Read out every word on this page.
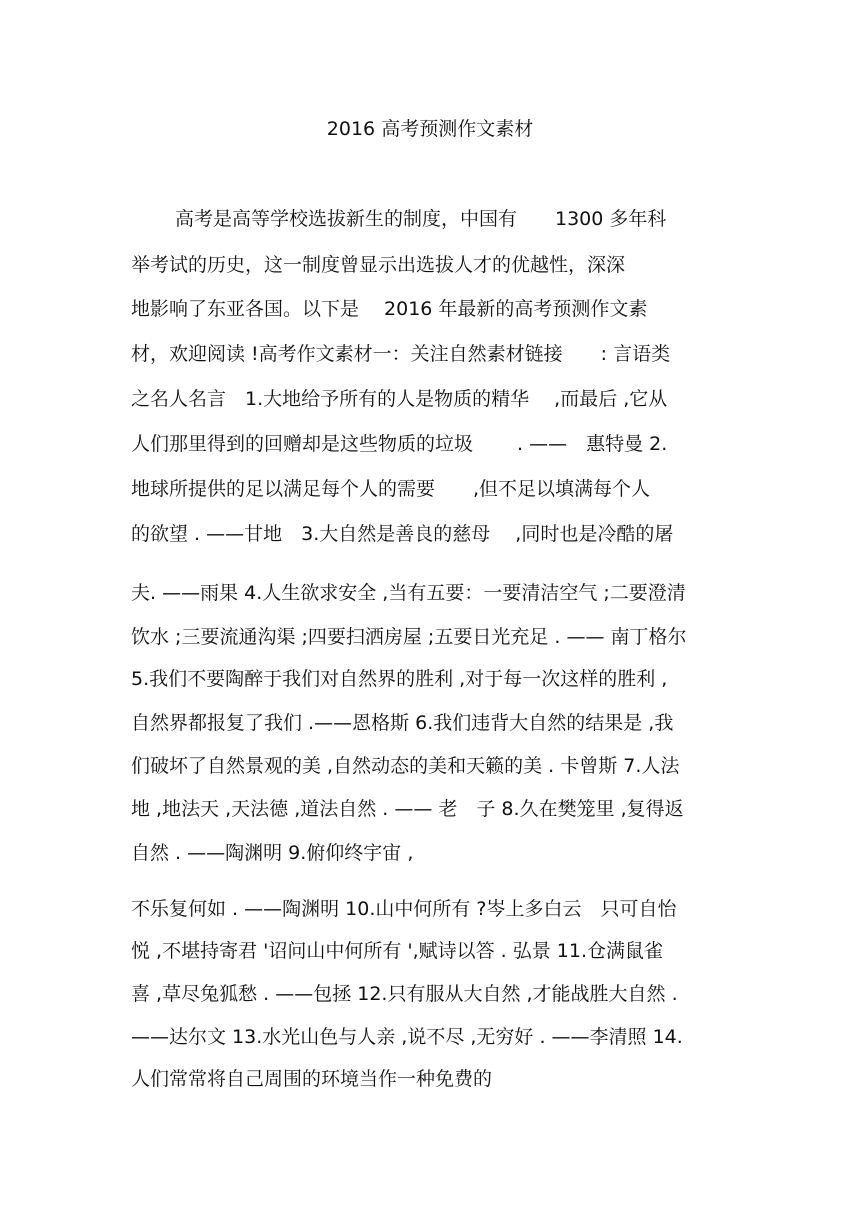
2016 高考预测作文素材
高考是高等学校选拔新生的制度，中国有　　1300 多年科
举考试的历史，这一制度曾显示出选拔人才的优越性，深深
地影响了东亚各国。以下是　 2016 年最新的高考预测作文素
材，欢迎阅读 !高考作文素材一：关注自然素材链接　　: 言语类
之名人名言　1.大地给予所有的人是物质的精华　 ,而最后 ,它从
人们那里得到的回赠却是这些物质的垃圾　　 . ——　惠特曼 2.
地球所提供的足以满足每个人的需要　　,但不足以填满每个人
的欲望 . ——甘地　3.大自然是善良的慈母　 ,同时也是冷酷的屠
夫. ——雨果 4.人生欲求安全 ,当有五要：一要清洁空气 ;二要澄清
饮水 ;三要流通沟渠 ;四要扫洒房屋 ;五要日光充足 . —— 南丁格尔
5.我们不要陶醉于我们对自然界的胜利 ,对于每一次这样的胜利 ,
自然界都报复了我们 .——恩格斯 6.我们违背大自然的结果是 ,我
们破坏了自然景观的美 ,自然动态的美和天籁的美 . 卡曾斯 7.人法
地 ,地法天 ,天法德 ,道法自然 . —— 老　子 8.久在樊笼里 ,复得返
自然 . ——陶渊明 9.俯仰终宇宙 ,
不乐复何如 . ——陶渊明 10.山中何所有 ?岑上多白云　只可自怡
悦 ,不堪持寄君 '诏问山中何所有 ',赋诗以答 . 弘景 11.仓满鼠雀
喜 ,草尽兔狐愁 . ——包拯 12.只有服从大自然 ,才能战胜大自然 .
——达尔文 13.水光山色与人亲 ,说不尽 ,无穷好 . ——李清照 14.
人们常常将自己周围的环境当作一种免费的
